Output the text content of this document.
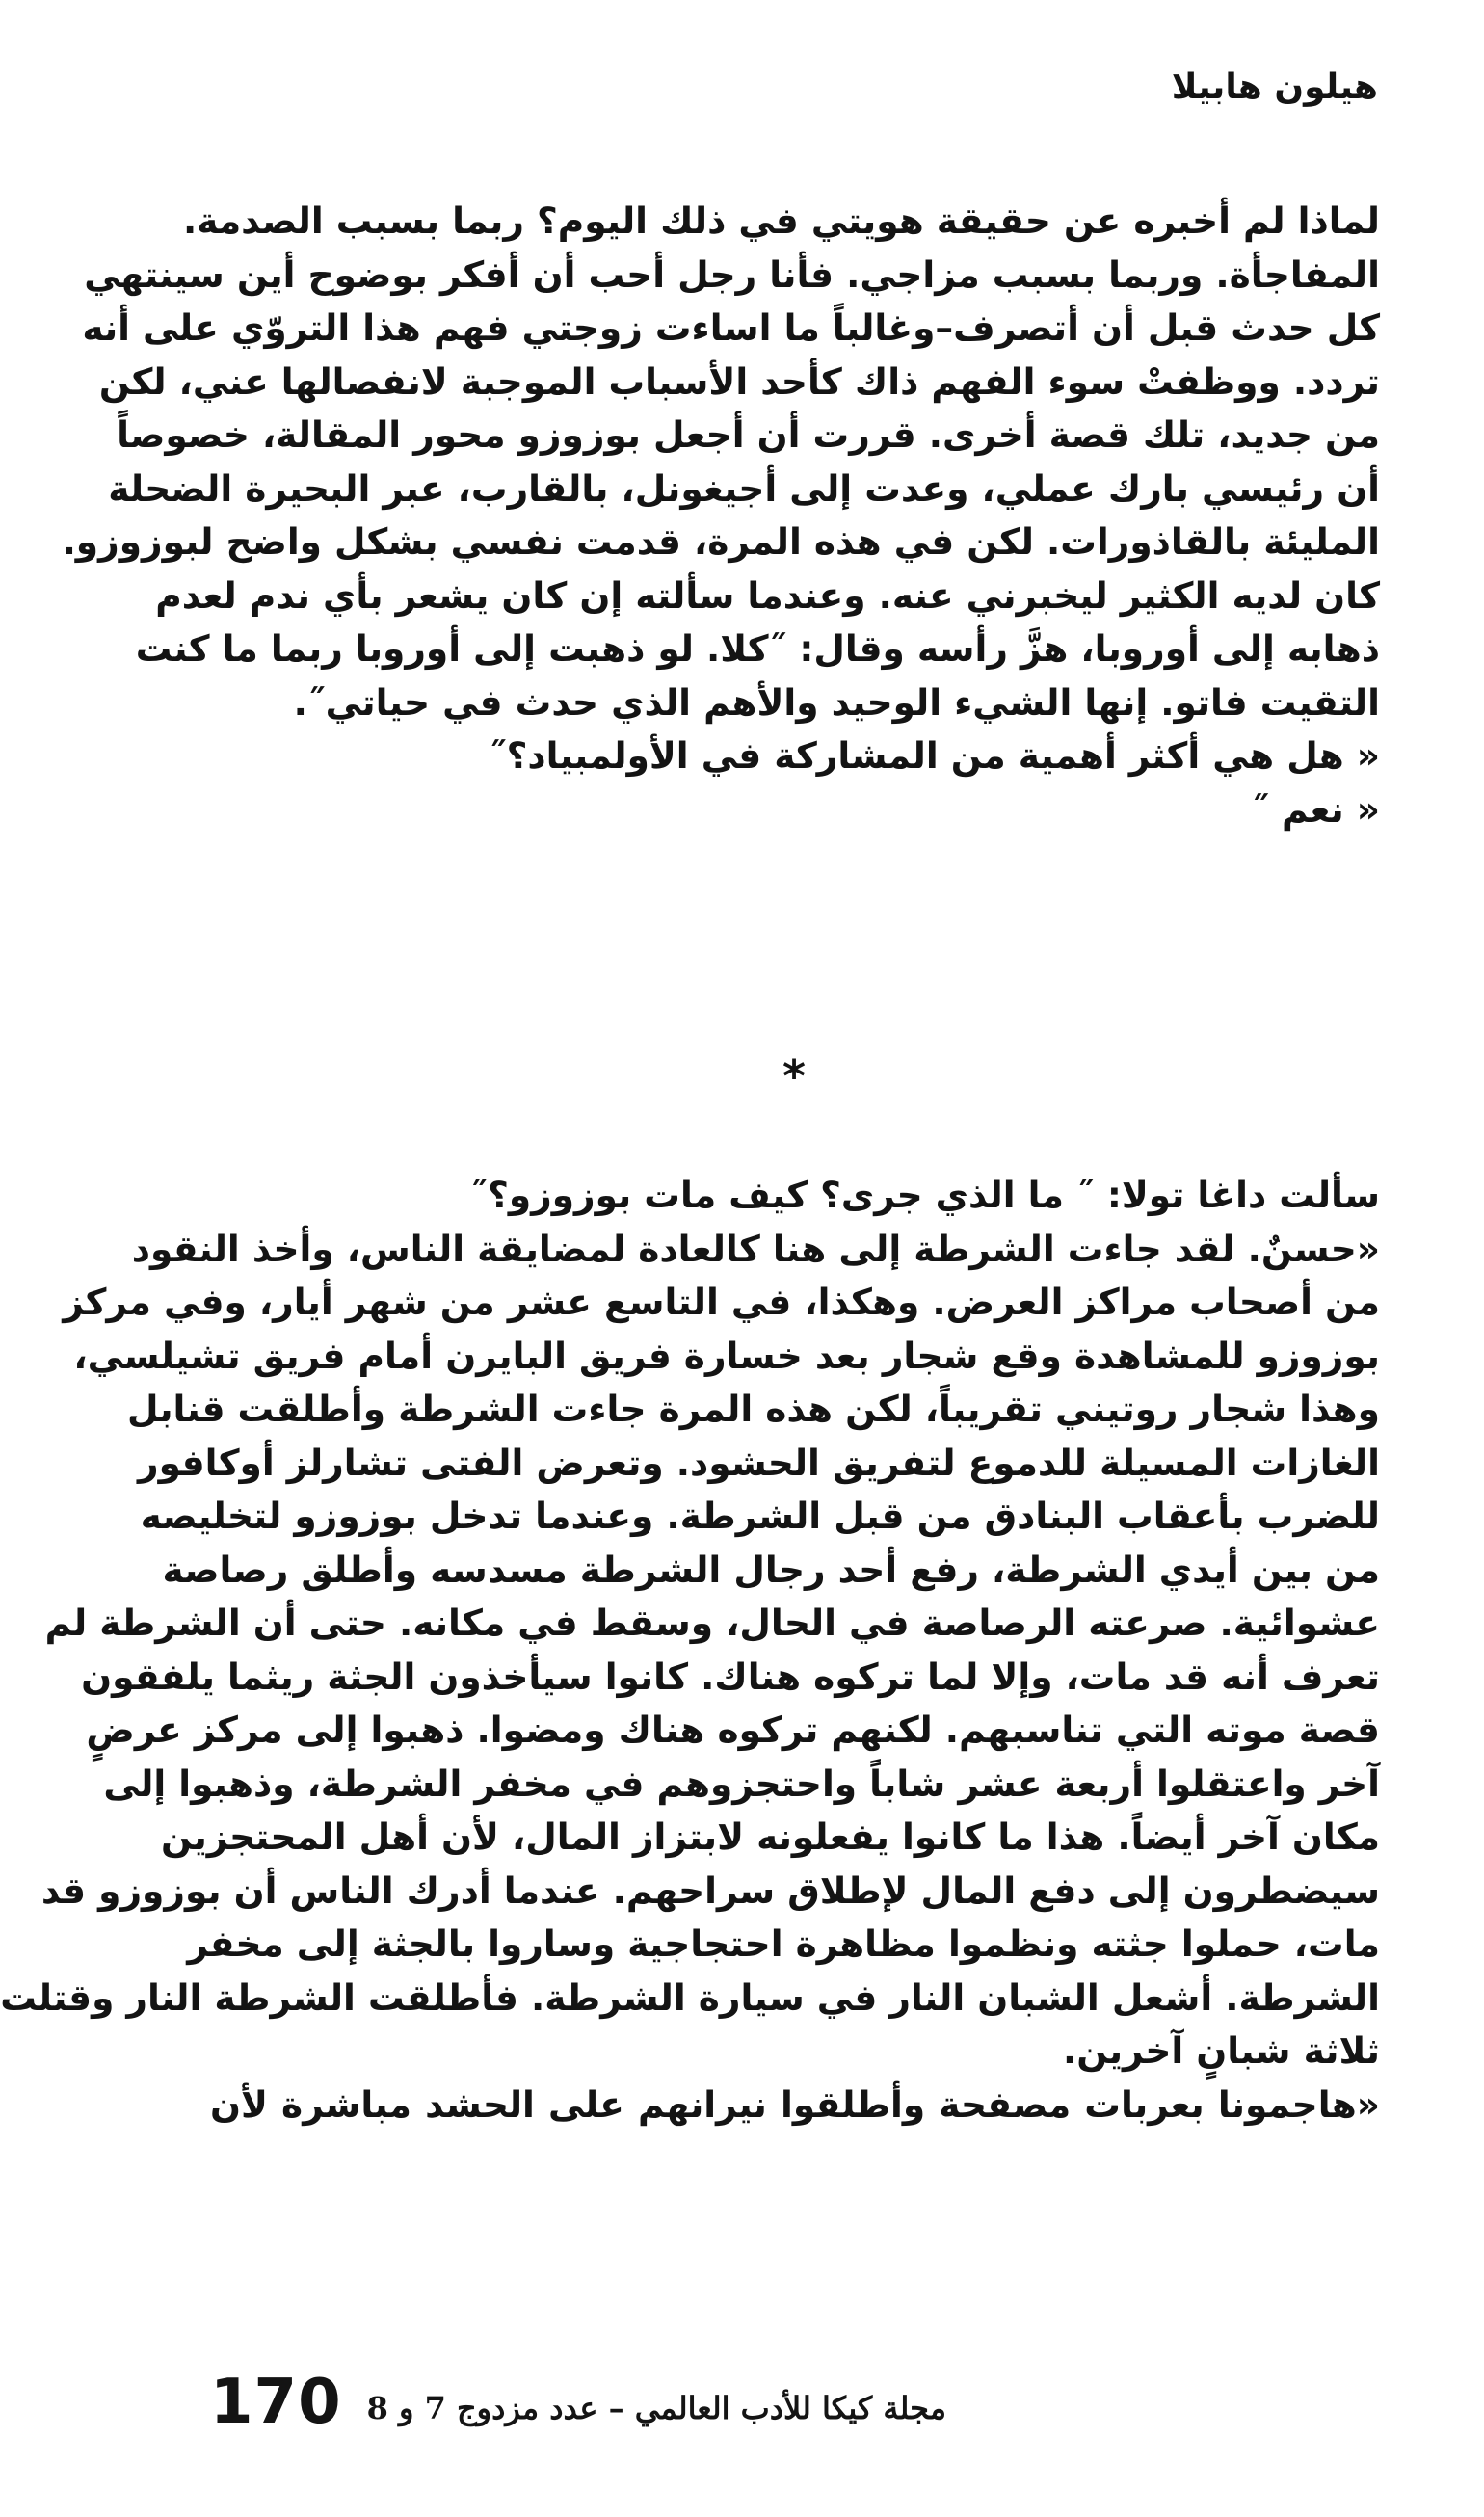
هيلون هابيلا
لماذا لم أخبره عن حقيقة هويتي في ذلك اليوم؟ ربما بسبب الصدمة.
المفاجأة. وربما بسبب مزاجي. فأنا رجل أحب أن أفكر بوضوح أين سينتهي
كل حدث قبل أن أتصرف–وغالباً ما اساءت زوجتي فهم هذا التروّي على أنه
تردد. ووظفتْ سوء الفهم ذاك كأحد الأسباب الموجبة لانفصالها عني، لكن
من جديد، تلك قصة أخرى. قررت أن أجعل بوزوزو محور المقالة، خصوصاً
أن رئيسي بارك عملي، وعدت إلى أجيغونل، بالقارب، عبر البحيرة الضحلة
المليئة بالقاذورات. لكن في هذه المرة، قدمت نفسي بشكل واضح لبوزوزو.
كان لديه الكثير ليخبرني عنه. وعندما سألته إن كان يشعر بأي ندم لعدم
ذهابه إلى أوروبا، هزَّ رأسه وقال: ˝كلا. لو ذهبت إلى أوروبا ربما ما كنت
التقيت فاتو. إنها الشيء الوحيد والأهم الذي حدث في حياتي˝.
« هل هي أكثر أهمية من المشاركة في الأولمبياد؟˝
« نعم ˝
*
سألت داغا تولا: ˝ ما الذي جرى؟ كيف مات بوزوزو؟˝
«حسنٌ. لقد جاءت الشرطة إلى هنا كالعادة لمضايقة الناس، وأخذ النقود
من أصحاب مراكز العرض. وهكذا، في التاسع عشر من شهر أيار، وفي مركز
بوزوزو للمشاهدة وقع شجار بعد خسارة فريق البايرن أمام فريق تشيلسي،
وهذا شجار روتيني تقريباً، لكن هذه المرة جاءت الشرطة وأطلقت قنابل
الغازات المسيلة للدموع لتفريق الحشود. وتعرض الفتى تشارلز أوكافور
للضرب بأعقاب البنادق من قبل الشرطة. وعندما تدخل بوزوزو لتخليصه
من بين أيدي الشرطة، رفع أحد رجال الشرطة مسدسه وأطلق رصاصة
عشوائية. صرعته الرصاصة في الحال، وسقط في مكانه. حتى أن الشرطة لم
تعرف أنه قد مات، وإلا لما تركوه هناك. كانوا سيأخذون الجثة ريثما يلفقون
قصة موته التي تناسبهم. لكنهم تركوه هناك ومضوا. ذهبوا إلى مركز عرضٍ
آخر واعتقلوا أربعة عشر شاباً واحتجزوهم في مخفر الشرطة، وذهبوا إلى
مكان آخر أيضاً. هذا ما كانوا يفعلونه لابتزاز المال، لأن أهل المحتجزين
سيضطرون إلى دفع المال لإطلاق سراحهم. عندما أدرك الناس أن بوزوزو قد
مات، حملوا جثته ونظموا مظاهرة احتجاجية وساروا بالجثة إلى مخفر
الشرطة. أشعل الشبان النار في سيارة الشرطة. فأطلقت الشرطة النار وقتلت
ثلاثة شبانٍ آخرين.
«هاجمونا بعربات مصفحة وأطلقوا نيرانهم على الحشد مباشرة لأن
170 مجلة كيكا للأدب العالمي – عدد مزدوج 7 و 8
